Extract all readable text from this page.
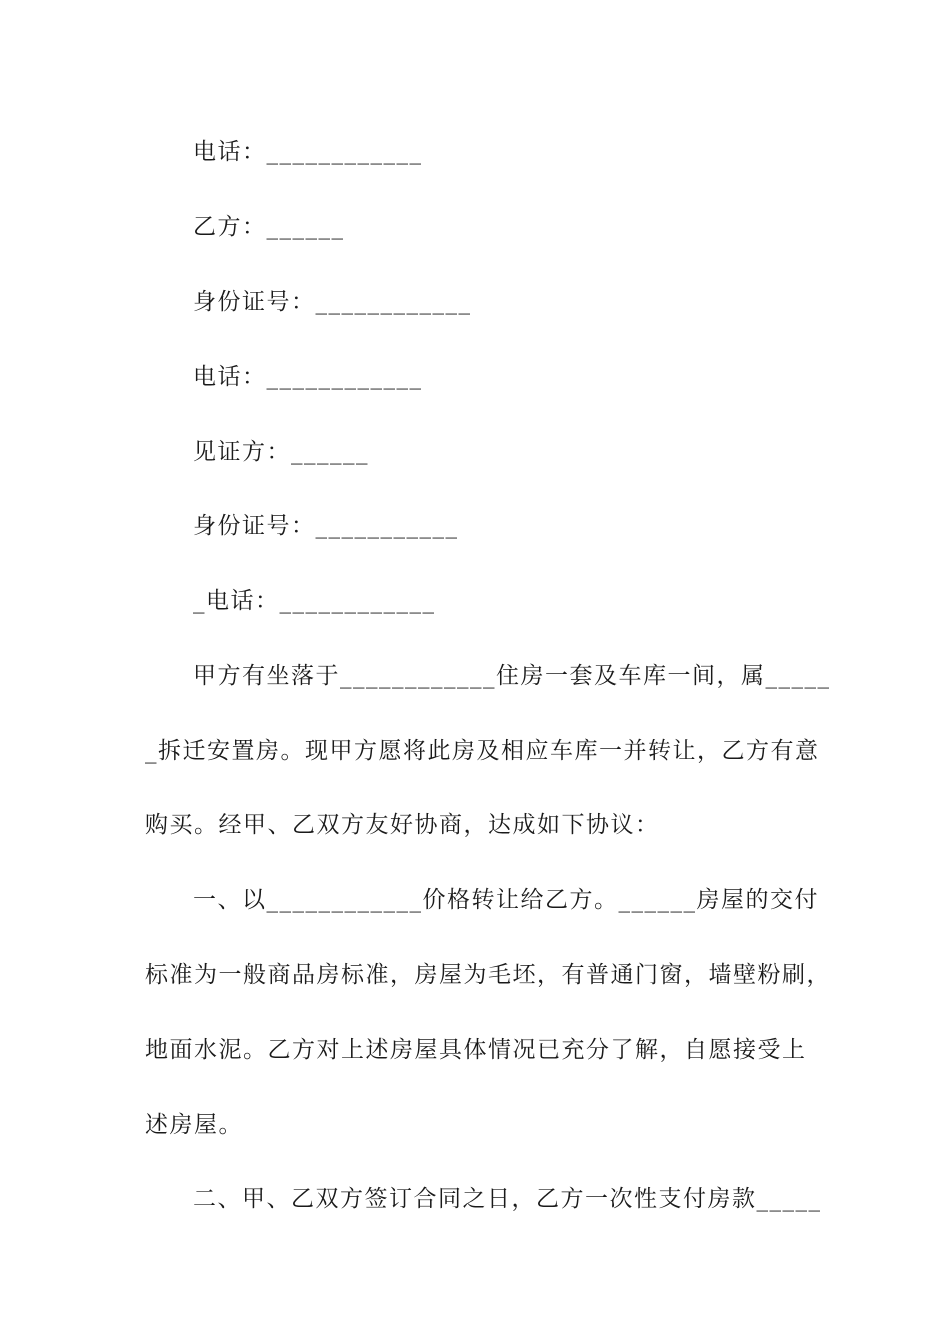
电话：____________
乙方：______
身份证号：____________
电话：____________
见证方：______
身份证号：___________
_电话：____________
甲方有坐落于____________住房一套及车库一间，属_____
_拆迁安置房。现甲方愿将此房及相应车库一并转让，乙方有意
购买。经甲、乙双方友好协商，达成如下协议：
一、以____________价格转让给乙方。______房屋的交付
标准为一般商品房标准，房屋为毛坯，有普通门窗，墙壁粉刷，
地面水泥。乙方对上述房屋具体情况已充分了解，自愿接受上
述房屋。
二、甲、乙双方签订合同之日，乙方一次性支付房款_____
